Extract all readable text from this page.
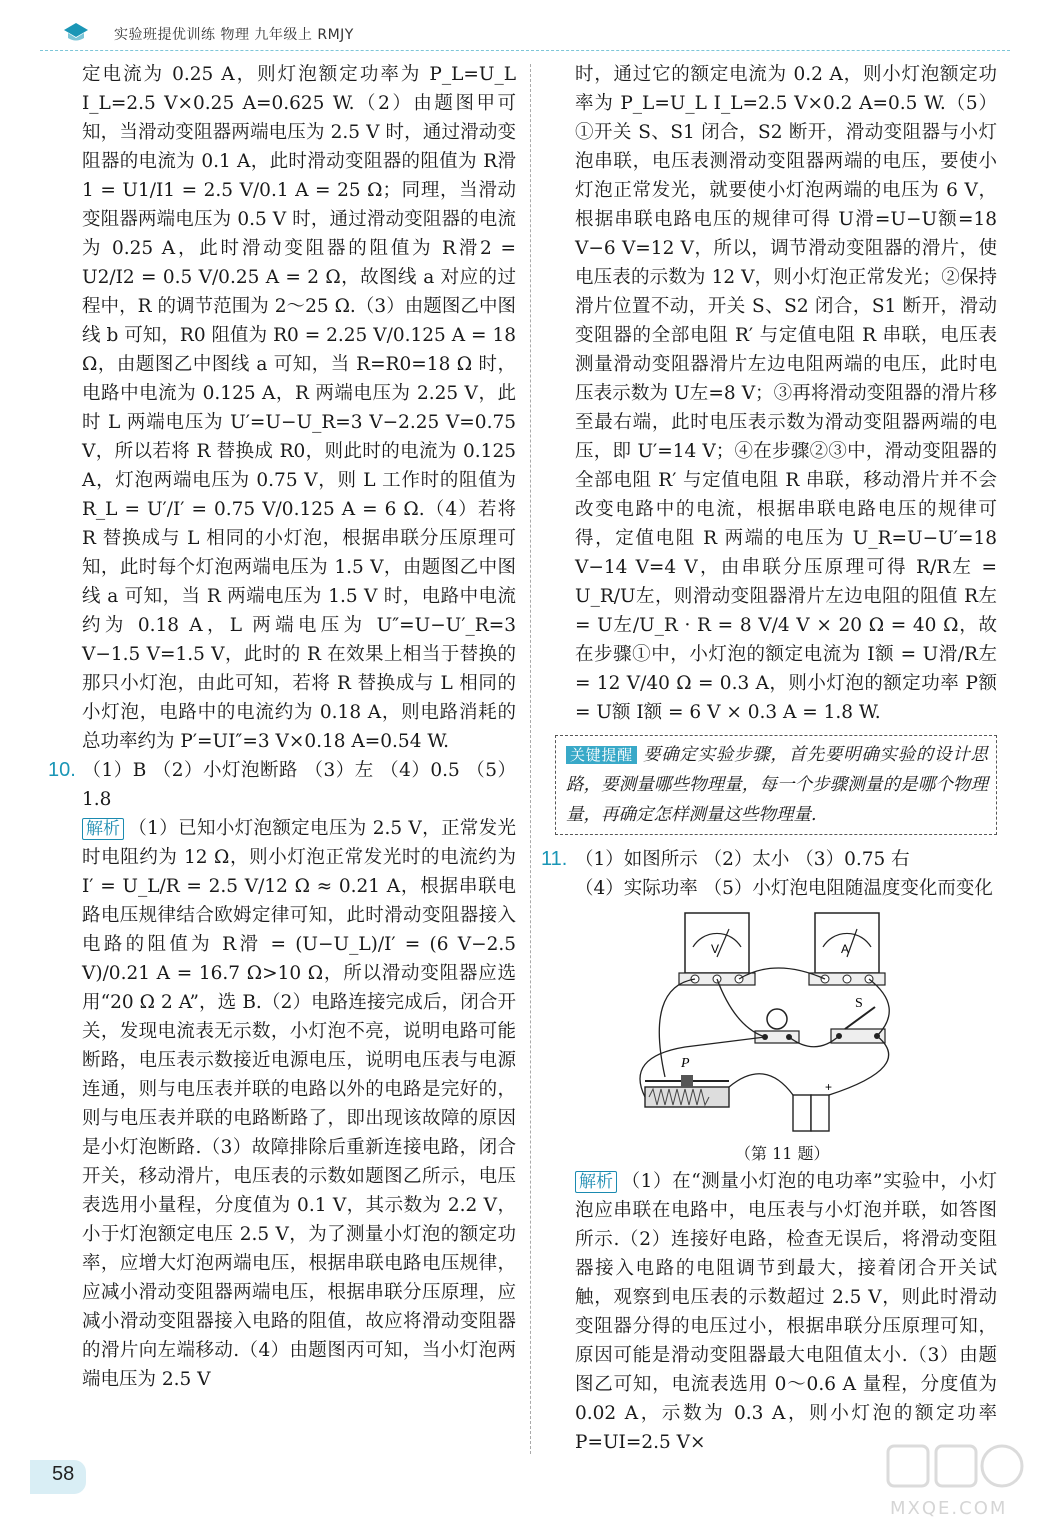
实验班提优训练 物理 九年级上 RMJY

定电流为 0.25 A，则灯泡额定功率为 P_L=U_L I_L=2.5 V×0.25 A=0.625 W.（2）由题图甲可知，当滑动变阻器两端电压为 2.5 V 时，通过滑动变阻器的电流为 0.1 A，此时滑动变阻器的阻值为 R滑1 = U1/I1 = 2.5 V/0.1 A = 25 Ω；同理，当滑动变阻器两端电压为 0.5 V 时，通过滑动变阻器的电流为 0.25 A，此时滑动变阻器的阻值为 R滑2 = U2/I2 = 0.5 V/0.25 A = 2 Ω，故图线 a 对应的过程中，R 的调节范围为 2～25 Ω.（3）由题图乙中图线 b 可知，R0 阻值为 R0 = 2.25 V/0.125 A = 18 Ω，由题图乙中图线 a 可知，当 R=R0=18 Ω 时，电路中电流为 0.125 A，R 两端电压为 2.25 V，此时 L 两端电压为 U′=U−U_R=3 V−2.25 V=0.75 V，所以若将 R 替换成 R0，则此时的电流为 0.125 A，灯泡两端电压为 0.75 V，则 L 工作时的阻值为 R_L = U′/I′ = 0.75 V/0.125 A = 6 Ω.（4）若将 R 替换成与 L 相同的小灯泡，根据串联分压原理可知，此时每个灯泡两端电压为 1.5 V，由题图乙中图线 a 可知，当 R 两端电压为 1.5 V 时，电路中电流约为 0.18 A，L 两端电压为 U″=U−U′_R=3 V−1.5 V=1.5 V，此时的 R 在效果上相当于替换的那只小灯泡，由此可知，若将 R 替换成与 L 相同的小灯泡，电路中的电流约为 0.18 A，则电路消耗的总功率约为 P′=UI″=3 V×0.18 A=0.54 W.

10. （1）B （2）小灯泡断路 （3）左 （4）0.5 （5）1.8

解析 （1）已知小灯泡额定电压为 2.5 V，正常发光时电阻约为 12 Ω，则小灯泡正常发光时的电流约为 I′ = U_L/R = 2.5 V/12 Ω ≈ 0.21 A，根据串联电路电压规律结合欧姆定律可知，此时滑动变阻器接入电路的阻值为 R滑 = (U−U_L)/I′ = (6 V−2.5 V)/0.21 A = 16.7 Ω>10 Ω，所以滑动变阻器应选用“20 Ω 2 A”，选 B.（2）电路连接完成后，闭合开关，发现电流表无示数，小灯泡不亮，说明电路可能断路，电压表示数接近电源电压，说明电压表与电源连通，则与电压表并联的电路以外的电路是完好的，则与电压表并联的电路断路了，即出现该故障的原因是小灯泡断路.（3）故障排除后重新连接电路，闭合开关，移动滑片，电压表的示数如题图乙所示，电压表选用小量程，分度值为 0.1 V，其示数为 2.2 V，小于灯泡额定电压 2.5 V，为了测量小灯泡的额定功率，应增大灯泡两端电压，根据串联电路电压规律，应减小滑动变阻器两端电压，根据串联分压原理，应减小滑动变阻器接入电路的阻值，故应将滑动变阻器的滑片向左端移动.（4）由题图丙可知，当小灯泡两端电压为 2.5 V

时，通过它的额定电流为 0.2 A，则小灯泡额定功率为 P_L=U_L I_L=2.5 V×0.2 A=0.5 W.（5）①开关 S、S1 闭合，S2 断开，滑动变阻器与小灯泡串联，电压表测滑动变阻器两端的电压，要使小灯泡正常发光，就要使小灯泡两端的电压为 6 V，根据串联电路电压的规律可得 U滑=U−U额=18 V−6 V=12 V，所以，调节滑动变阻器的滑片，使电压表的示数为 12 V，则小灯泡正常发光；②保持滑片位置不动，开关 S、S2 闭合，S1 断开，滑动变阻器的全部电阻 R′ 与定值电阻 R 串联，电压表测量滑动变阻器滑片左边电阻两端的电压，此时电压表示数为 U左=8 V；③再将滑动变阻器的滑片移至最右端，此时电压表示数为滑动变阻器两端的电压，即 U′=14 V；④在步骤②③中，滑动变阻器的全部电阻 R′ 与定值电阻 R 串联，移动滑片并不会改变电路中的电流，根据串联电路电压的规律可得，定值电阻 R 两端的电压为 U_R=U−U′=18 V−14 V=4 V，由串联分压原理可得 R/R左 = U_R/U左，则滑动变阻器滑片左边电阻的阻值 R左 = U左/U_R · R = 8 V/4 V × 20 Ω = 40 Ω，故在步骤①中，小灯泡的额定电流为 I额 = U滑/R左 = 12 V/40 Ω = 0.3 A，则小灯泡的额定功率 P额 = U额 I额 = 6 V × 0.3 A = 1.8 W.

关键提醒 要确定实验步骤，首先要明确实验的设计思路，要测量哪些物理量，每一个步骤测量的是哪个物理量，再确定怎样测量这些物理量.

11. （1）如图所示 （2）太小 （3）0.75 右

（4）实际功率 （5）小灯泡电阻随温度变化而变化

V	A
S
P
+
（第 11 题）

解析 （1）在“测量小灯泡的电功率”实验中，小灯泡应串联在电路中，电压表与小灯泡并联，如答图所示.（2）连接好电路，检查无误后，将滑动变阻器接入电路的电阻调节到最大，接着闭合开关试触，观察到电压表的示数超过 2.5 V，则此时滑动变阻器分得的电压过小，根据串联分压原理可知，原因可能是滑动变阻器最大电阻值太小.（3）由题图乙可知，电流表选用 0～0.6 A 量程，分度值为 0.02 A，示数为 0.3 A，则小灯泡的额定功率 P=UI=2.5 V×

58
MXQE.COM
